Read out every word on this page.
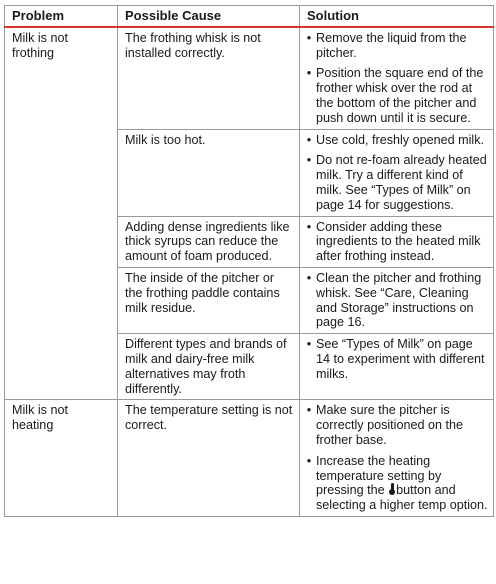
Problem	Possible Cause	Solution
Milk is not frothing	The frothing whisk is not installed correctly.	• Remove the liquid from the pitcher.
• Position the square end of the frother whisk over the rod at the bottom of the pitcher and push down until it is secure.

	Milk is too hot.	• Use cold, freshly opened milk.
• Do not re-foam already heated milk. Try a different kind of milk. See “Types of Milk” on page 14 for suggestions.

	Adding dense ingredients like thick syrups can reduce the amount of foam produced.	• Consider adding these ingredients to the heated milk after frothing instead.

	The inside of the pitcher or the frothing paddle contains milk residue.	• Clean the pitcher and frothing whisk. See “Care, Cleaning and Storage” instructions on page 16.

	Different types and brands of milk and dairy-free milk alternatives may froth differently.	• See “Types of Milk” on page 14 to experiment with different milks.

Milk is not heating	The temperature setting is not correct.	• Make sure the pitcher is correctly positioned on the frother base.
• Increase the heating temperature setting by pressing the button and selecting a higher temp option.
